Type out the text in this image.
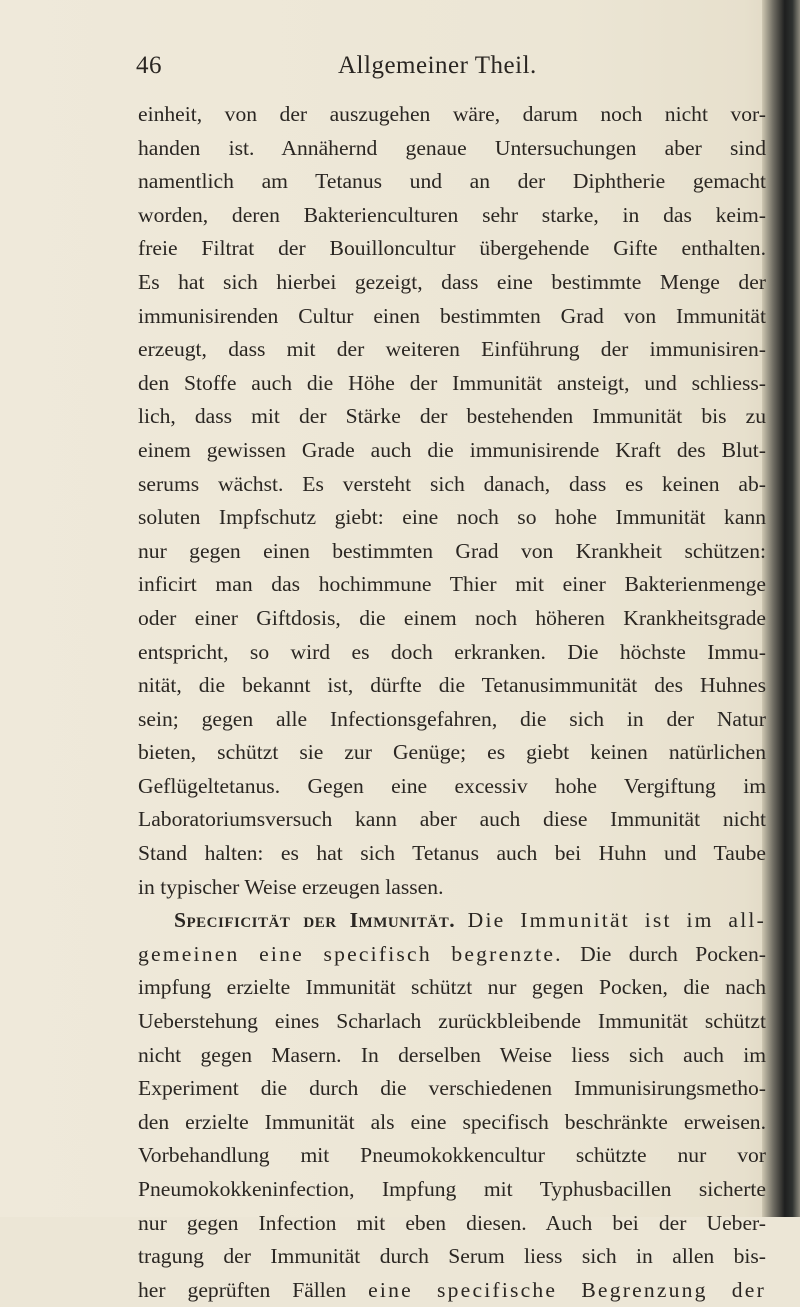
46	Allgemeiner Theil.
einheit, von der auszugehen wäre, darum noch nicht vor-
handen ist. Annähernd genaue Untersuchungen aber sind
namentlich am Tetanus und an der Diphtherie gemacht
worden, deren Bakterienculturen sehr starke, in das keim-
freie Filtrat der Bouilloncultur übergehende Gifte enthalten.
Es hat sich hierbei gezeigt, dass eine bestimmte Menge der
immunisirenden Cultur einen bestimmten Grad von Immunität
erzeugt, dass mit der weiteren Einführung der immunisiren-
den Stoffe auch die Höhe der Immunität ansteigt, und schliess-
lich, dass mit der Stärke der bestehenden Immunität bis zu
einem gewissen Grade auch die immunisirende Kraft des Blut-
serums wächst. Es versteht sich danach, dass es keinen ab-
soluten Impfschutz giebt: eine noch so hohe Immunität kann
nur gegen einen bestimmten Grad von Krankheit schützen:
inficirt man das hochimmune Thier mit einer Bakterienmenge
oder einer Giftdosis, die einem noch höheren Krankheitsgrade
entspricht, so wird es doch erkranken. Die höchste Immu-
nität, die bekannt ist, dürfte die Tetanusimmunität des Huhnes
sein; gegen alle Infectionsgefahren, die sich in der Natur
bieten, schützt sie zur Genüge; es giebt keinen natürlichen
Geflügeltetanus. Gegen eine excessiv hohe Vergiftung im
Laboratoriumsversuch kann aber auch diese Immunität nicht
Stand halten: es hat sich Tetanus auch bei Huhn und Taube
in typischer Weise erzeugen lassen.
Specificität der Immunität. Die Immunität ist im all-
gemeinen eine specifisch begrenzte. Die durch Pocken-
impfung erzielte Immunität schützt nur gegen Pocken, die nach
Ueberstehung eines Scharlach zurückbleibende Immunität schützt
nicht gegen Masern. In derselben Weise liess sich auch im
Experiment die durch die verschiedenen Immunisirungsmetho-
den erzielte Immunität als eine specifisch beschränkte erweisen.
Vorbehandlung mit Pneumokokkencultur schützte nur vor
Pneumokokkeninfection, Impfung mit Typhusbacillen sicherte
nur gegen Infection mit eben diesen. Auch bei der Ueber-
tragung der Immunität durch Serum liess sich in allen bis-
her geprüften Fällen eine specifische Begrenzung der
